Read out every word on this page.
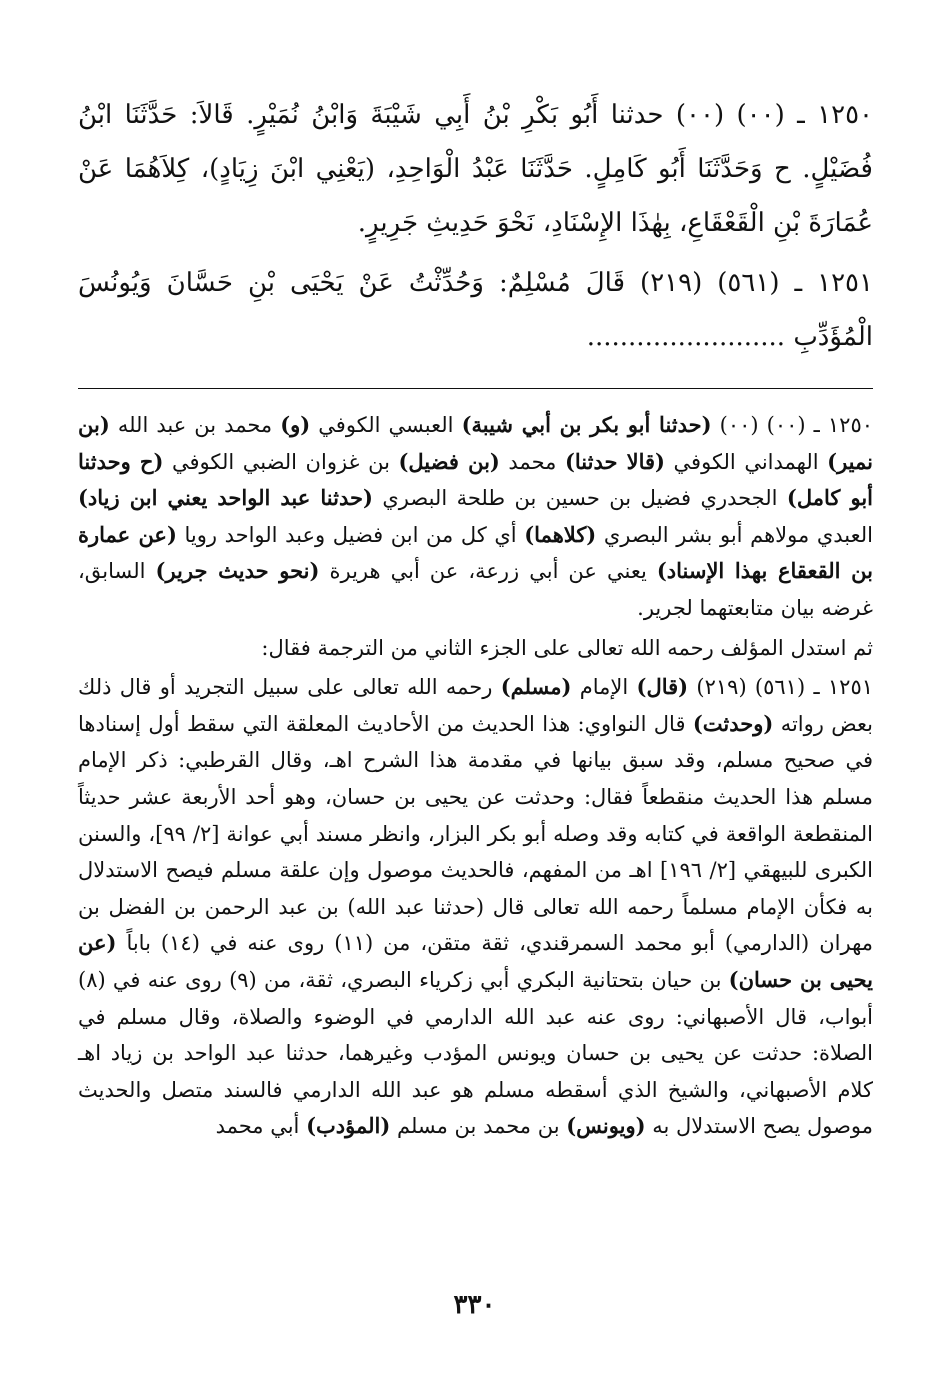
١٢٥٠ ـ (٠٠) (٠٠) حدثنا أَبُو بَكْرِ بْنُ أَبِي شَيْبَةَ وَابْنُ نُمَيْرٍ. قَالاَ: حَدَّثَنَا ابْنُ فُضَيْلٍ. ح وَحَدَّثَنَا أَبُو كَامِلٍ. حَدَّثَنَا عَبْدُ الْوَاحِدِ، (يَعْنِي ابْنَ زِيَادٍ)، كِلاَهُمَا عَنْ عُمَارَةَ بْنِ الْقَعْقَاعِ، بِهٰذَا الإِسْنَادِ، نَحْوَ حَدِيثِ جَرِيرٍ.

١٢٥١ ـ (٥٦١) (٢١٩) قَالَ مُسْلِمٌ: وَحُدِّثْتُ عَنْ يَحْيَى بْنِ حَسَّانَ وَيُونُسَ الْمُؤَدِّبِ ........................

١٢٥٠ ـ (٠٠) (٠٠) (حدثنا أبو بكر بن أبي شيبة) العبسي الكوفي (و) محمد بن عبد الله (بن نمير) الهمداني الكوفي (قالا حدثنا) محمد (بن فضيل) بن غزوان الضبي الكوفي (ح وحدثنا أبو كامل) الجحدري فضيل بن حسين بن طلحة البصري (حدثنا عبد الواحد يعني ابن زياد) العبدي مولاهم أبو بشر البصري (كلاهما) أي كل من ابن فضيل وعبد الواحد رويا (عن عمارة بن القعقاع بهذا الإسناد) يعني عن أبي زرعة، عن أبي هريرة (نحو حديث جرير) السابق، غرضه بيان متابعتهما لجرير.

ثم استدل المؤلف رحمه الله تعالى على الجزء الثاني من الترجمة فقال:

١٢٥١ ـ (٥٦١) (٢١٩) (قال) الإمام (مسلم) رحمه الله تعالى على سبيل التجريد أو قال ذلك بعض رواته (وحدثت) قال النواوي: هذا الحديث من الأحاديث المعلقة التي سقط أول إسنادها في صحيح مسلم، وقد سبق بيانها في مقدمة هذا الشرح اهـ، وقال القرطبي: ذكر الإمام مسلم هذا الحديث منقطعاً فقال: وحدثت عن يحيى بن حسان، وهو أحد الأربعة عشر حديثاً المنقطعة الواقعة في كتابه وقد وصله أبو بكر البزار، وانظر مسند أبي عوانة [٢/ ٩٩]، والسنن الكبرى للبيهقي [٢/ ١٩٦] اهـ من المفهم، فالحديث موصول وإن علقة مسلم فيصح الاستدلال به فكأن الإمام مسلماً رحمه الله تعالى قال (حدثنا عبد الله) بن عبد الرحمن بن الفضل بن مهران (الدارمي) أبو محمد السمرقندي، ثقة متقن، من (١١) روى عنه في (١٤) باباً (عن يحيى بن حسان) بن حيان بتحتانية البكري أبي زكرياء البصري، ثقة، من (٩) روى عنه في (٨) أبواب، قال الأصبهاني: روى عنه عبد الله الدارمي في الوضوء والصلاة، وقال مسلم في الصلاة: حدثت عن يحيى بن حسان ويونس المؤدب وغيرهما، حدثنا عبد الواحد بن زياد اهـ كلام الأصبهاني، والشيخ الذي أسقطه مسلم هو عبد الله الدارمي فالسند متصل والحديث موصول يصح الاستدلال به (ويونس) بن محمد بن مسلم (المؤدب) أبي محمد

٣٣٠
